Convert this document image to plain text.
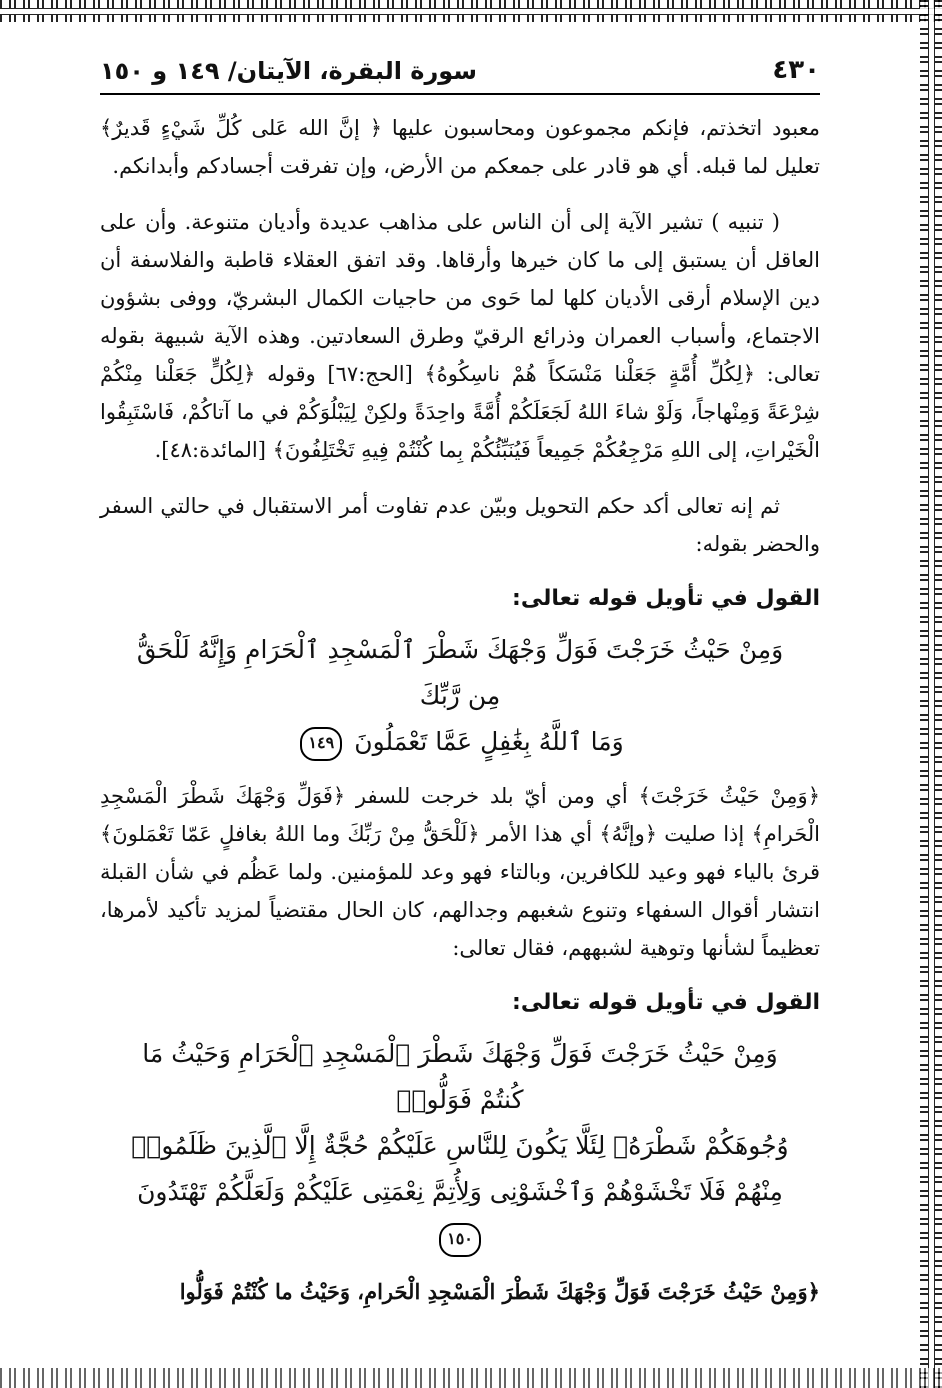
٤٣٠
سورة البقرة، الآيتان/ ١٤٩ و ١٥٠

معبود اتخذتم، فإنكم مجموعون ومحاسبون عليها ﴿ إنَّ الله عَلى كُلِّ شَيْءٍ قَديرٌ﴾ تعليل لما قبله. أي هو قادر على جمعكم من الأرض، وإن تفرقت أجسادكم وأبدانكم.

( تنبيه ) تشير الآية إلى أن الناس على مذاهب عديدة وأديان متنوعة. وأن على العاقل أن يستبق إلى ما كان خيرها وأرقاها. وقد اتفق العقلاء قاطبة والفلاسفة أن دين الإسلام أرقى الأديان كلها لما حَوى من حاجيات الكمال البشريّ، ووفى بشؤون الاجتماع، وأسباب العمران وذرائع الرقيّ وطرق السعادتين. وهذه الآية شبيهة بقوله تعالى: ﴿لِكُلِّ أُمَّةٍ جَعَلْنا مَنْسَكاً هُمْ ناسِكُوهُ﴾ [الحج:٦٧] وقوله ﴿لِكُلٍّ جَعَلْنا مِنْكُمْ شِرْعَةً وَمِنْهاجاً، وَلَوْ شاءَ اللهُ لَجَعَلَكُمْ أُمَّةً واحِدَةً ولكِنْ لِيَبْلُوَكُمْ في ما آتاكُمْ، فَاسْتَبِقُوا الْخَيْراتِ، إلى اللهِ مَرْجِعُكُمْ جَمِيعاً فَيُنَبِّئُكُمْ بِما كُنْتُمْ فِيهِ تَخْتَلِفُونَ﴾ [المائدة:٤٨].

ثم إنه تعالى أكد حكم التحويل وبيّن عدم تفاوت أمر الاستقبال في حالتي السفر والحضر بقوله:

القول في تأويل قوله تعالى:
وَمِنْ حَيْثُ خَرَجْتَ فَوَلِّ وَجْهَكَ شَطْرَ ٱلْمَسْجِدِ ٱلْحَرَامِ وَإِنَّهُ لَلْحَقُّ مِن رَّبِّكَ
وَمَا ٱللَّهُ بِغَٰفِلٍ عَمَّا تَعْمَلُونَ ١٤٩

﴿وَمِنْ حَيْثُ خَرَجْتَ﴾ أي ومن أيّ بلد خرجت للسفر ﴿فَوَلِّ وَجْهَكَ شَطْرَ الْمَسْجِدِ الْحَرامِ﴾ إذا صليت ﴿وإنَّهُ﴾ أي هذا الأمر ﴿لَلْحَقُّ مِنْ رَبِّكَ وما اللهُ بغافلٍ عَمّا تَعْمَلونَ﴾ قرئ بالياء فهو وعيد للكافرين، وبالتاء فهو وعد للمؤمنين. ولما عَظُم في شأن القبلة انتشار أقوال السفهاء وتنوع شغبهم وجدالهم، كان الحال مقتضياً لمزيد تأكيد لأمرها، تعظيماً لشأنها وتوهية لشبههم، فقال تعالى:

القول في تأويل قوله تعالى:
وَمِنْ حَيْثُ خَرَجْتَ فَوَلِّ وَجْهَكَ شَطْرَ ٱلْمَسْجِدِ ٱلْحَرَامِ وَحَيْثُ مَا كُنتُمْ فَوَلُّوا۟
وُجُوهَكُمْ شَطْرَهُۥ لِئَلَّا يَكُونَ لِلنَّاسِ عَلَيْكُمْ حُجَّةٌ إِلَّا ٱلَّذِينَ ظَلَمُوا۟
مِنْهُمْ فَلَا تَخْشَوْهُمْ وَٱخْشَوْنِى وَلِأُتِمَّ نِعْمَتِى عَلَيْكُمْ وَلَعَلَّكُمْ تَهْتَدُونَ ١٥٠

﴿وَمِنْ حَيْثُ خَرَجْتَ فَوَلِّ وَجْهَكَ شَطْرَ الْمَسْجِدِ الْحَرامِ، وَحَيْثُ ما كُنْتُمْ فَوَلُّوا
